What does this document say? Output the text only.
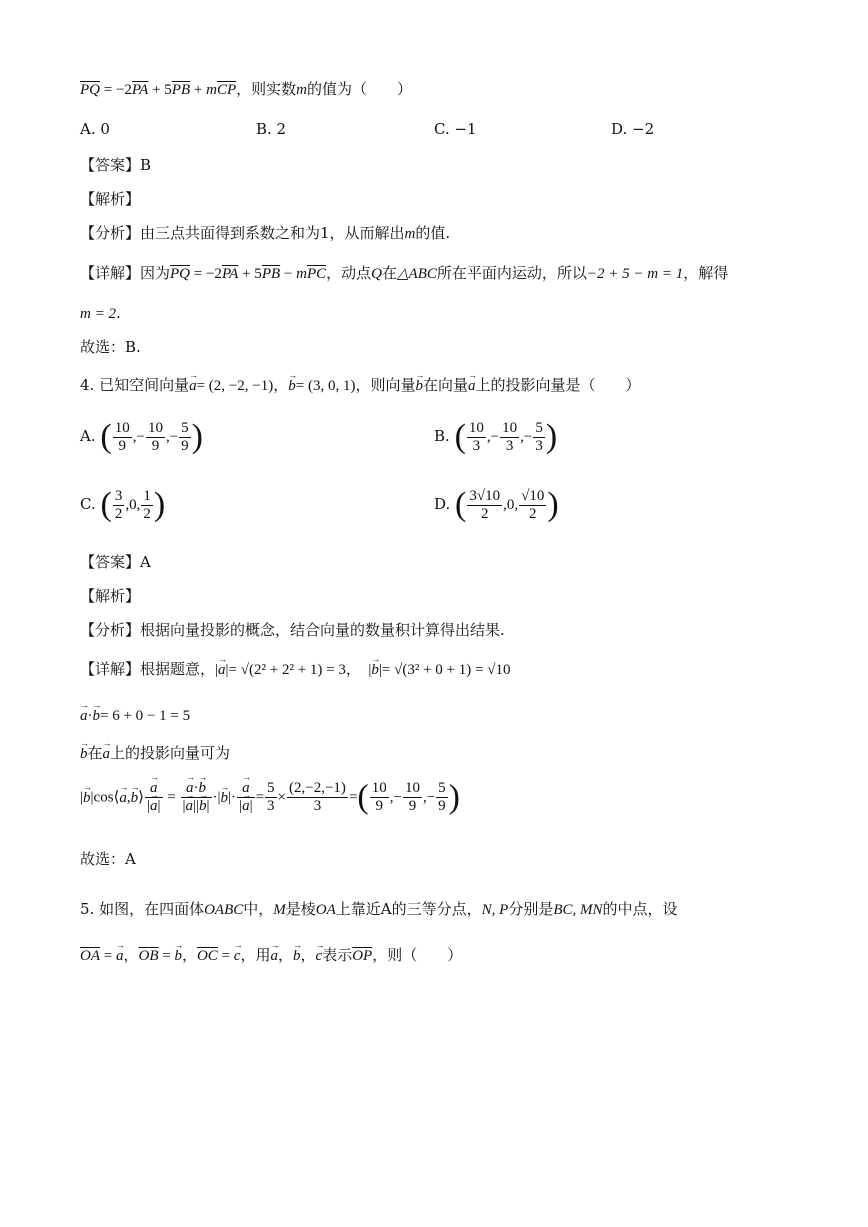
$\overline{PQ} = -2\overline{PA} + 5\overline{PB} + m\overline{CP}$，则实数m的值为（　　）
A. 0	B. 2	C. −1	D. −2
【答案】B
【解析】
【分析】由三点共面得到系数之和为1，从而解出m的值.
【详解】因为$\overline{PQ} = -2\overline{PA} + 5\overline{PB} - m\overline{PC}$，动点Q在△ABC所在平面内运动，所以−2 + 5 − m = 1，解得
m = 2.
故选：B.
4. 已知空间向量→ a= (2, −2, −1)，→ b= (3, 0, 1)，则向量→ b在向量→ a上的投影向量是（　　）
A. ( $\frac{10}{9}$ ,− $\frac{10}{9}$ ,− $\frac{5}{9}$ )	B. ( $\frac{10}{3}$ ,− $\frac{10}{3}$ ,− $\frac{5}{3}$ )
C. ( $\frac{3}{2} ,0$, $\frac{1}{2}$ )	D. ( $\frac{3√10}{2} ,0$, $\frac{√10}{2}$ )
【答案】A
【解析】
【分析】根据向量投影的概念，结合向量的数量积计算得出结果.
【详解】根据题意，|→ a|= √(2² + 2² + 1) = 3，　|→ b|= √(3² + 0 + 1) = √10
→ a·→ b= 6 + 0 − 1 = 5
→ b在→ a上的投影向量可为
|→ b|cos⟨→ a,→ b⟩ → $\frac{a}{|\to a|}$ = → $\frac{a\cdot\to b}{|\to a||\to b|}$ ·|→ $b|\cdot \to \frac{a}{|\to a|} = \frac{5}{3} \times \frac{(2,-2,-1)}{3}$ =( $\frac{10}{9}$ ,− $\frac{10}{9}$ ,− $\frac{5}{9}$ )
故选：A
5. 如图，在四面体OABC中，M是棱OA上靠近A的三等分点，N, P分别是BC, MN的中点，设
$\overline{OA}$ = → a，$\overline{OB}$ = → b，$\overline{OC}$ = → c，用→ a，→ b，→ c表示$\overline{OP}$，则（　　）
